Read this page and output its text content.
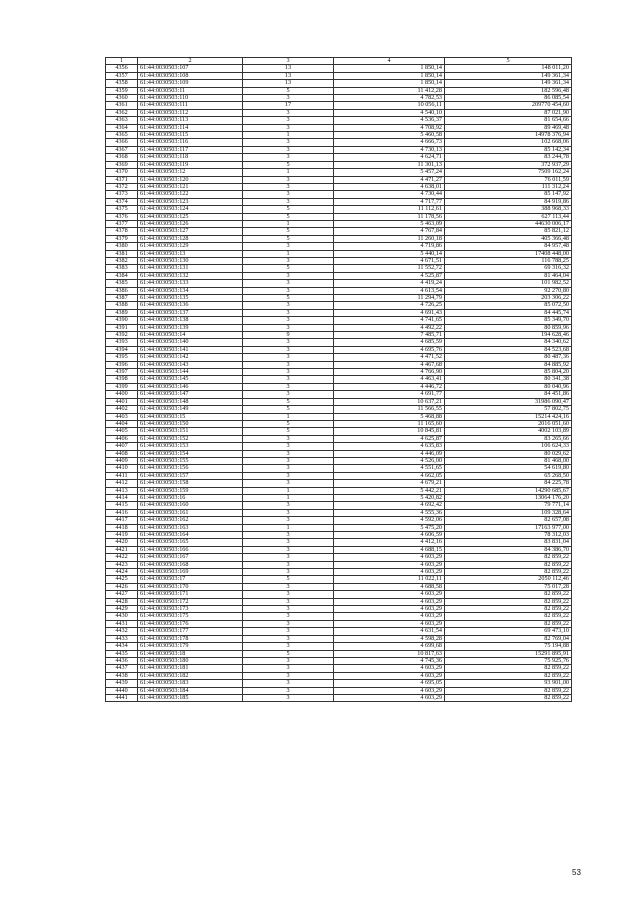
1	2	3	4	5
4356	61:44:0030503:107	13	1 850,14	148 011,20
4357	61:44:0030503:108	13	1 850,14	149 361,34
4358	61:44:0030503:109	13	1 850,14	149 361,34
4359	61:44:0030503:11	5	11 412,28	182 596,48
4360	61:44:0030503:110	3	4 782,53	86 085,54
4361	61:44:0030503:111	17	10 056,11	209770 454,60
4362	61:44:0030503:112	3	4 540,10	87 021,90
4363	61:44:0030503:113	3	4 536,37	81 654,66
4364	61:44:0030503:114	3	4 708,92	89 469,48
4365	61:44:0030503:115	1	5 460,58	14978 376,94
4366	61:44:0030503:116	3	4 666,73	102 668,06
4367	61:44:0030503:117	3	4 730,13	85 142,34
4368	61:44:0030503:118	3	4 624,71	83 244,78
4369	61:44:0030503:119	5	11 301,13	372 937,29
4370	61:44:0030503:12	1	5 457,24	7509 162,24
4371	61:44:0030503:120	3	4 471,27	76 011,59
4372	61:44:0030503:121	3	4 638,01	111 312,24
4373	61:44:0030503:122	3	4 730,44	85 147,92
4374	61:44:0030503:123	3	4 717,77	84 919,86
4375	61:44:0030503:124	5	11 112,61	388 968,33
4376	61:44:0030503:125	5	11 178,56	627 113,44
4377	61:44:0030503:126	1	5 463,09	44630 006,17
4378	61:44:0030503:127	5	4 767,84	85 821,12
4379	61:44:0030503:128	5	11 260,18	405 366,48
4380	61:44:0030503:129	3	4 719,86	84 957,48
4381	61:44:0030503:13	1	5 440,14	17408 448,00
4382	61:44:0030503:130	3	4 671,51	116 788,25
4383	61:44:0030503:131	5	11 552,72	69 316,32
4384	61:44:0030503:132	3	4 525,87	81 464,04
4385	61:44:0030503:133	3	4 419,24	101 982,52
4386	61:44:0030503:134	3	4 613,54	92 270,80
4387	61:44:0030503:135	5	11 294,79	203 306,22
4388	61:44:0030503:136	3	4 726,25	85 072,50
4389	61:44:0030503:137	3	4 691,43	84 445,74
4390	61:44:0030503:138	3	4 741,65	85 349,70
4391	61:44:0030503:139	3	4 492,22	80 859,96
4392	61:44:0030503:14	9	7 485,71	194 628,46
4393	61:44:0030503:140	3	4 685,59	84 340,62
4394	61:44:0030503:141	3	4 695,76	84 523,68
4395	61:44:0030503:142	3	4 471,52	80 487,36
4396	61:44:0030503:143	3	4 467,68	84 885,92
4397	61:44:0030503:144	3	4 766,90	85 804,20
4398	61:44:0030503:145	3	4 463,41	80 341,38
4399	61:44:0030503:146	3	4 446,72	80 040,96
4400	61:44:0030503:147	3	4 691,77	84 451,86
4401	61:44:0030503:148	5	10 637,21	31986 090,47
4402	61:44:0030503:149	5	11 566,55	57 802,75
4403	61:44:0030503:15	1	5 468,88	15214 424,16
4404	61:44:0030503:150	5	11 165,60	2016 051,60
4405	61:44:0030503:151	5	10 845,81	4002 103,89
4406	61:44:0030503:152	3	4 625,87	83 265,66
4407	61:44:0030503:153	3	4 635,83	106 624,33
4408	61:44:0030503:154	3	4 446,09	80 029,62
4409	61:44:0030503:155	3	4 526,00	81 468,00
4410	61:44:0030503:156	3	4 551,65	54 619,80
4411	61:44:0030503:157	3	4 662,05	65 268,50
4412	61:44:0030503:158	3	4 679,21	84 225,78
4413	61:44:0030503:159	1	5 442,21	14290 685,67
4414	61:44:0030503:16	1	5 420,82	13064 176,20
4415	61:44:0030503:160	3	4 692,42	79 771,14
4416	61:44:0030503:161	3	4 555,36	109 328,64
4417	61:44:0030503:162	3	4 592,06	82 657,08
4418	61:44:0030503:163	1	5 475,20	17163 977,00
4419	61:44:0030503:164	3	4 606,59	78 312,03
4420	61:44:0030503:165	3	4 412,16	83 831,04
4421	61:44:0030503:166	3	4 688,15	84 386,70
4422	61:44:0030503:167	3	4 603,29	82 859,22
4423	61:44:0030503:168	3	4 603,29	82 859,22
4424	61:44:0030503:169	3	4 603,29	82 859,22
4425	61:44:0030503:17	5	11 022,11	2050 112,46
4426	61:44:0030503:170	3	4 688,58	75 017,28
4427	61:44:0030503:171	3	4 603,29	82 859,22
4428	61:44:0030503:172	3	4 603,29	82 859,22
4429	61:44:0030503:173	3	4 603,29	82 859,22
4430	61:44:0030503:175	3	4 603,29	82 859,22
4431	61:44:0030503:176	3	4 603,29	82 859,22
4432	61:44:0030503:177	3	4 631,54	69 473,10
4433	61:44:0030503:178	3	4 598,28	82 769,04
4434	61:44:0030503:179	3	4 699,68	75 194,88
4435	61:44:0030503:18	5	10 817,63	15291 895,91
4436	61:44:0030503:180	3	4 745,36	75 925,76
4437	61:44:0030503:181	3	4 603,29	82 859,22
4438	61:44:0030503:182	3	4 603,29	82 859,22
4439	61:44:0030503:183	3	4 695,05	93 901,00
4440	61:44:0030503:184	3	4 603,29	82 859,22
4441	61:44:0030503:185	3	4 603,29	82 859,22
53
